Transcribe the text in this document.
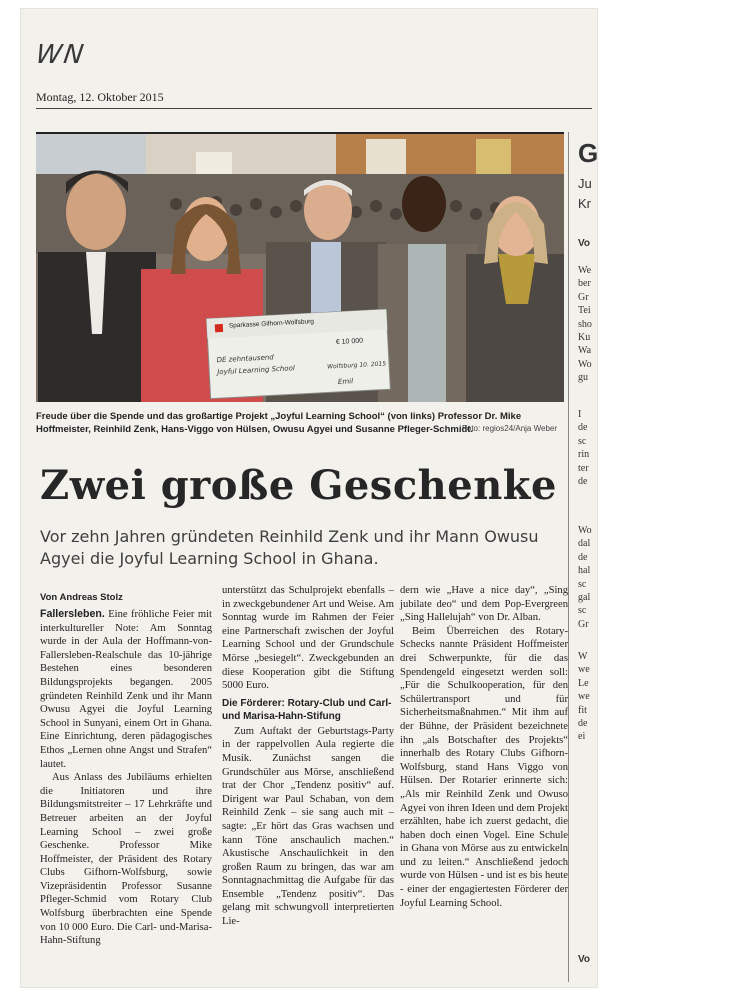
WN
Montag, 12. Oktober 2015
Sparkasse Gifhorn-Wolfsburg
€ 10 000
DE zehntausend
Joyful Learning School	Wolfsburg 10. 2015
Emil
G
Ju
Kr
Vo
We
ber
Gr
Tei
sho
Ku
Wa
Wo
gu
I
de
sc
rin
ter
de
Wo
dal
de
hal
sc
gal
sc
Gr
W
we
Le
we
fit
de
ei
Vo
Freude über die Spende und das großartige Projekt „Joyful Learning School“ (von links) Professor Dr. Mike Hoffmeister, Reinhild Zenk, Hans-Viggo von Hülsen, Owusu Agyei und Susanne Pfleger-Schmidt.
Foto: regios24/Anja Weber
Zwei große Geschenke
Vor zehn Jahren gründeten Reinhild Zenk und ihr Mann Owusu Agyei die Joyful Learning School in Ghana.
Von Andreas Stolz

Fallersleben. Eine fröhliche Feier mit interkultureller Note: Am Sonntag wurde in der Aula der Hoffmann-von-Fallersleben-Realschule das 10-jährige Bestehen eines besonderen Bildungsprojekts begangen. 2005 gründeten Reinhild Zenk und ihr Mann Owusu Agyei die Joyful Learning School in Sunyani, einem Ort in Ghana. Eine Einrichtung, deren pädagogisches Ethos „Lernen ohne Angst und Strafen“ lautet.

Aus Anlass des Jubiläums erhielten die Initiatoren und ihre Bildungsmitstreiter – 17 Lehrkräfte und Betreuer arbeiten an der Joyful Learning School – zwei große Geschenke. Professor Mike Hoffmeister, der Präsident des Rotary Clubs Gifhorn-Wolfsburg, sowie Vizepräsidentin Professor Susanne Pfleger-Schmid vom Rotary Club Wolfsburg überbrachten eine Spende von 10 000 Euro. Die Carl- und-Marisa-Hahn-Stiftung

unterstützt das Schulprojekt ebenfalls – in zweckgebundener Art und Weise. Am Sonntag wurde im Rahmen der Feier eine Partnerschaft zwischen der Joyful Learning School und der Grundschule Mörse „besiegelt“. Zweckgebunden an diese Kooperation gibt die Stiftung 5000 Euro.

Die Förderer: Rotary-Club und Carl- und Marisa-Hahn-Stifung

Zum Auftakt der Geburtstags-Party in der rappelvollen Aula regierte die Musik. Zunächst sangen die Grundschüler aus Mörse, anschließend trat der Chor „Tendenz positiv“ auf. Dirigent war Paul Schaban, von dem Reinhild Zenk – sie sang auch mit – sagte: „Er hört das Gras wachsen und kann Töne anschaulich machen.“ Akustische Anschaulichkeit in den großen Raum zu bringen, das war am Sonntagnachmittag die Aufgabe für das Ensemble „Tendenz positiv“. Das gelang mit schwungvoll interpretierten Lie-

dern wie „Have a nice day“, „Sing jubilate deo“ und dem Pop-Evergreen „Sing Hallelujah“ von Dr. Alban.

Beim Überreichen des Rotary-Schecks nannte Präsident Hoffmeister drei Schwerpunkte, für die das Spendengeld eingesetzt werden soll: „Für die Schulkooperation, für den Schülertransport und für Sicherheitsmaßnahmen.“ Mit ihm auf der Bühne, der Präsident bezeichnete ihn „als Botschafter des Projekts“ innerhalb des Rotary Clubs Gifhorn-Wolfsburg, stand Hans Viggo von Hülsen. Der Rotarier erinnerte sich: „Als mir Reinhild Zenk und Owuso Agyei von ihren Ideen und dem Projekt erzählten, habe ich zuerst gedacht, die haben doch einen Vogel. Eine Schule in Ghana von Mörse aus zu entwickeln und zu leiten.“ Anschließend jedoch wurde von Hülsen - und ist es bis heute - einer der engagiertesten Förderer der Joyful Learning School.
